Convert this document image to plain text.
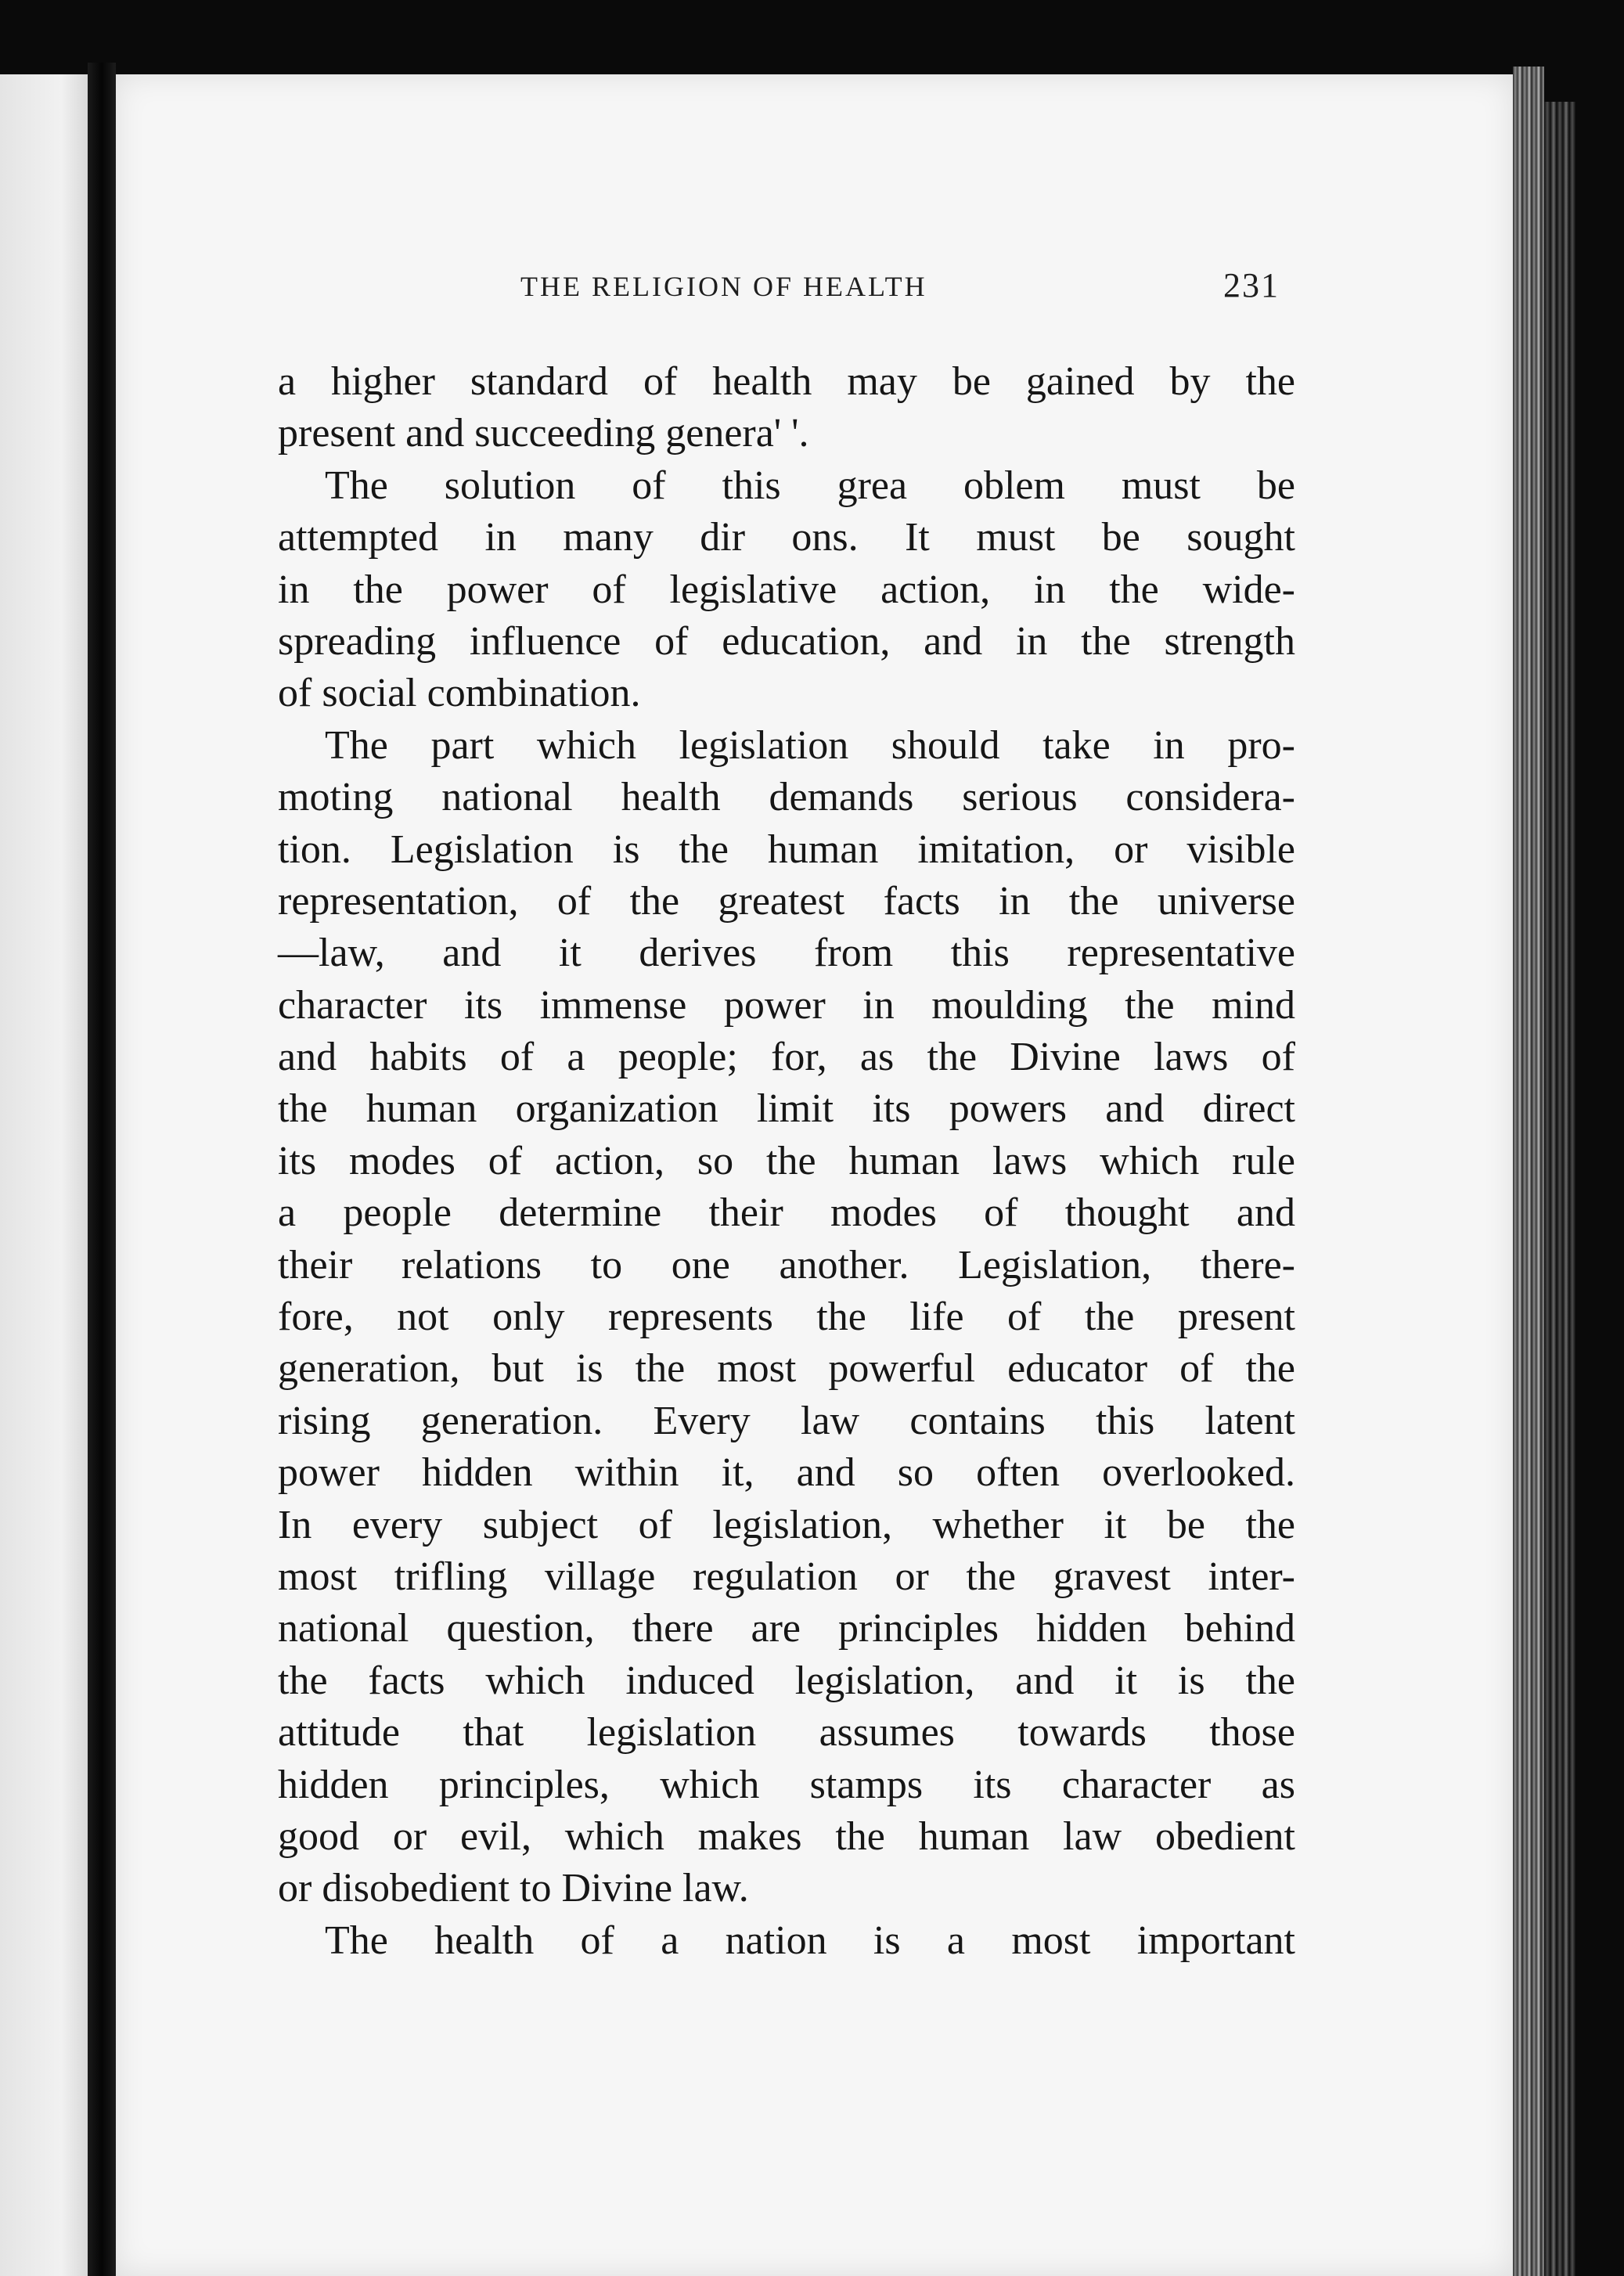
THE RELIGION OF HEALTH	231
a higher standard of health may be gained by the
present and succeeding genera' '.
The solution of this grea oblem must be
attempted in many dir ons. It must be sought
in the power of legislative action, in the wide-
spreading influence of education, and in the strength
of social combination.
The part which legislation should take in pro-
moting national health demands serious considera-
tion. Legislation is the human imitation, or visible
representation, of the greatest facts in the universe
—law, and it derives from this representative
character its immense power in moulding the mind
and habits of a people; for, as the Divine laws of
the human organization limit its powers and direct
its modes of action, so the human laws which rule
a people determine their modes of thought and
their relations to one another. Legislation, there-
fore, not only represents the life of the present
generation, but is the most powerful educator of the
rising generation. Every law contains this latent
power hidden within it, and so often overlooked.
In every subject of legislation, whether it be the
most trifling village regulation or the gravest inter-
national question, there are principles hidden behind
the facts which induced legislation, and it is the
attitude that legislation assumes towards those
hidden principles, which stamps its character as
good or evil, which makes the human law obedient
or disobedient to Divine law.
The health of a nation is a most important
